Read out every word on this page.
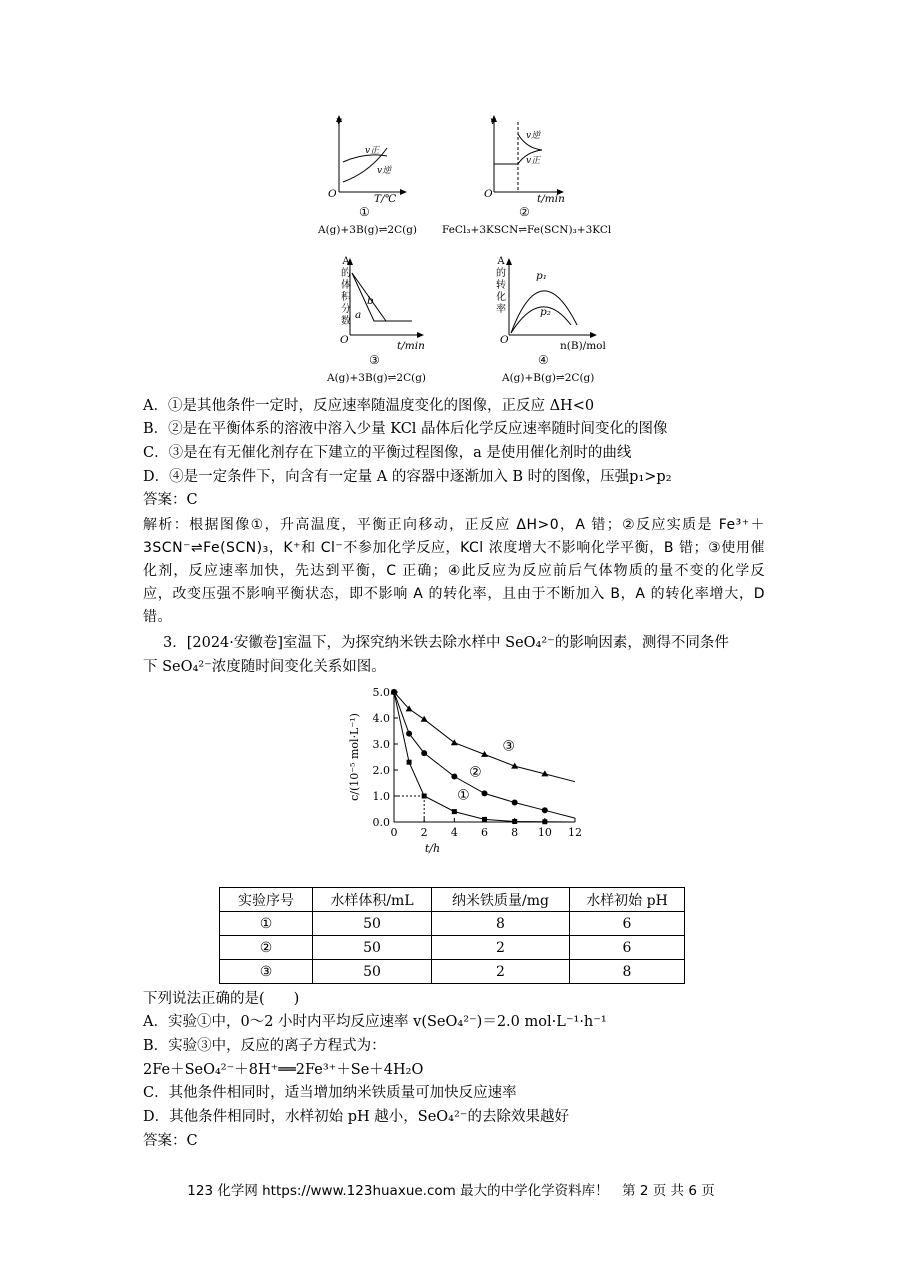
v
v正
v逆
O	T/℃
①
A(g)+3B(g)⇌2C(g)
v
v逆
v正
O	t/min
②
FeCl₃+3KSCN⇌Fe(SCN)₃+3KCl
A的体积分数
b
a
O	t/min
③
A(g)+3B(g)⇌2C(g)
A的转化率
p₁
p₂
O	n(B)/mol
④
A(g)+B(g)⇌2C(g)
A．①是其他条件一定时，反应速率随温度变化的图像，正反应 ΔH<0
B．②是在平衡体系的溶液中溶入少量 KCl 晶体后化学反应速率随时间变化的图像
C．③是在有无催化剂存在下建立的平衡过程图像，a 是使用催化剂时的曲线
D．④是一定条件下，向含有一定量 A 的容器中逐渐加入 B 时的图像，压强p₁>p₂
答案：C
解析：根据图像①，升高温度，平衡正向移动，正反应 ΔH>0，A 错；②反应实质是 Fe³⁺＋3SCN⁻⇌Fe(SCN)₃，K⁺和 Cl⁻不参加化学反应，KCl 浓度增大不影响化学平衡，B 错；③使用催化剂，反应速率加快，先达到平衡，C 正确；④此反应为反应前后气体物质的量不变的化学反应，改变压强不影响平衡状态，即不影响 A 的转化率，且由于不断加入 B，A 的转化率增大，D 错。
3．[2024·安徽卷]室温下，为探究纳米铁去除水样中 SeO₄²⁻的影响因素，测得不同条件
下 SeO₄²⁻浓度随时间变化关系如图。
0.0
1.0
2.0
3.0
4.0
5.0
0 2 4 6 8 10 12
t/h
c/(10⁻⁵ mol·L⁻¹)	①
②
③
实验序号	水样体积/mL	纳米铁质量/mg	水样初始 pH
①	50	8	6
②	50	2	6
③	50	2	8
下列说法正确的是(　　)
A．实验①中，0～2 小时内平均反应速率 v(SeO₄²⁻)＝2.0 mol·L⁻¹·h⁻¹
B．实验③中，反应的离子方程式为：
2Fe＋SeO₄²⁻＋8H⁺══2Fe³⁺＋Se＋4H₂O
C．其他条件相同时，适当增加纳米铁质量可加快反应速率
D．其他条件相同时，水样初始 pH 越小，SeO₄²⁻的去除效果越好
答案：C
123 化学网 https://www.123huaxue.com 最大的中学化学资料库！　第 2 页 共 6 页
